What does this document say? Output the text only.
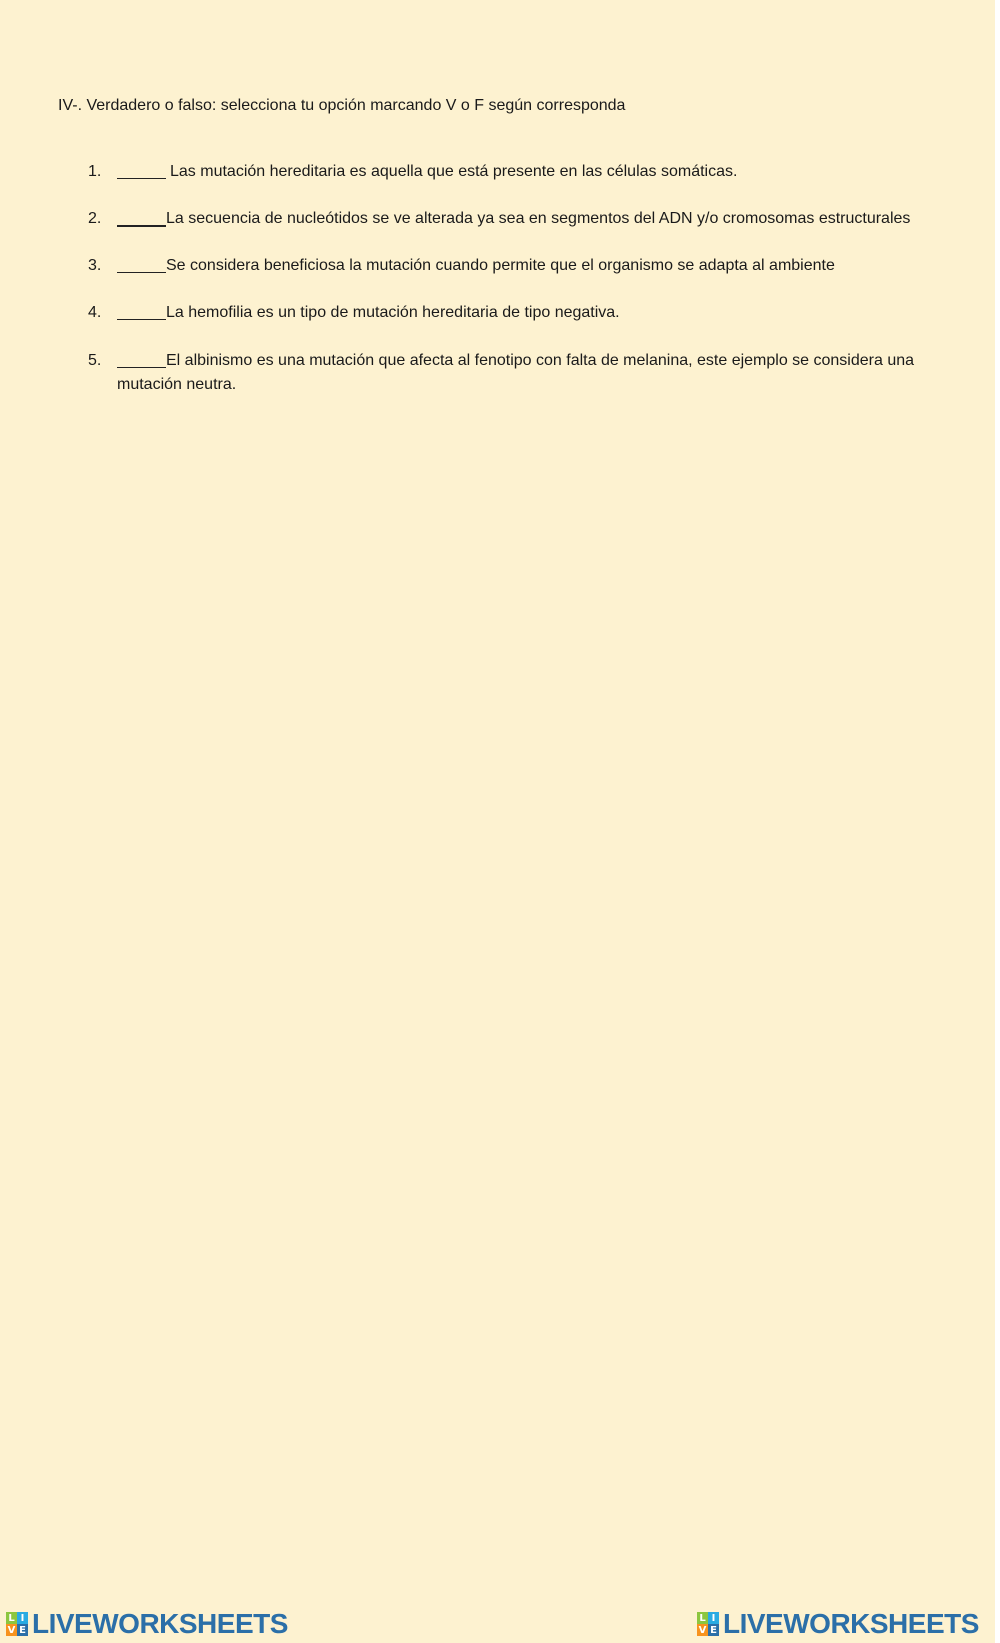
IV-. Verdadero o falso: selecciona tu opción marcando V o F según corresponda
1.	Las mutación hereditaria es aquella que está presente en las células somáticas.
2.	La secuencia de nucleótidos se ve alterada ya sea en segmentos del ADN y/o cromosomas estructurales
3.	Se considera beneficiosa la mutación cuando permite que el organismo se adapta al ambiente
4.	La hemofilia es un tipo de mutación hereditaria de tipo negativa.
5.	El albinismo es una mutación que afecta al fenotipo con falta de melanina, este ejemplo se considera una
mutación neutra.
L I
V E LIVEWORKSHEETS	L I
V E LIVEWORKSHEETS
